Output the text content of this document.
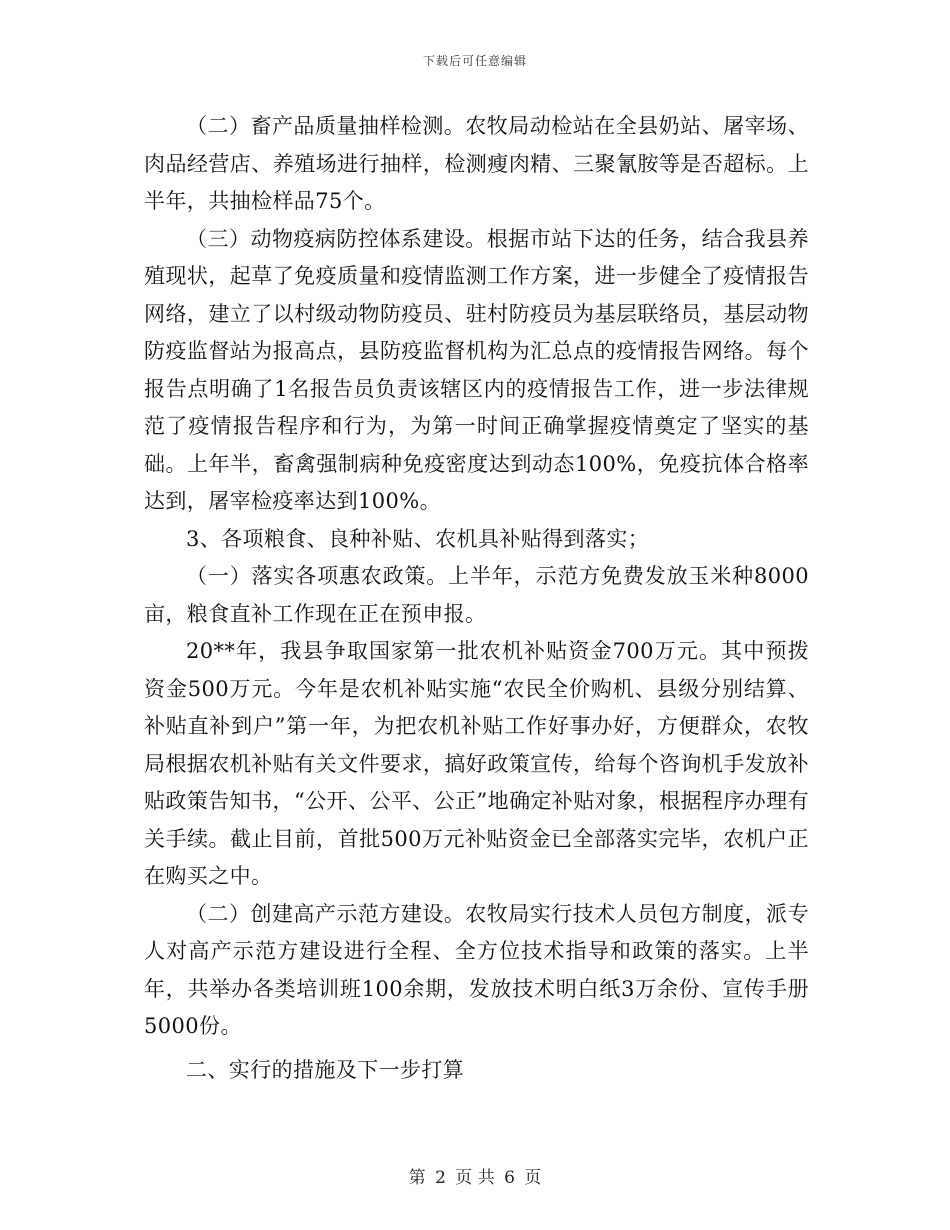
下载后可任意编辑

（二）畜产品质量抽样检测。农牧局动检站在全县奶站、屠宰场、肉品经营店、养殖场进行抽样，检测瘦肉精、三聚氰胺等是否超标。上半年，共抽检样品75个。

（三）动物疫病防控体系建设。根据市站下达的任务，结合我县养殖现状，起草了免疫质量和疫情监测工作方案，进一步健全了疫情报告网络，建立了以村级动物防疫员、驻村防疫员为基层联络员，基层动物防疫监督站为报高点，县防疫监督机构为汇总点的疫情报告网络。每个报告点明确了1名报告员负责该辖区内的疫情报告工作，进一步法律规范了疫情报告程序和行为，为第一时间正确掌握疫情奠定了坚实的基础。上年半，畜禽强制病种免疫密度达到动态100%，免疫抗体合格率达到，屠宰检疫率达到100%。

3、各项粮食、良种补贴、农机具补贴得到落实；

（一）落实各项惠农政策。上半年，示范方免费发放玉米种8000亩，粮食直补工作现在正在预申报。

20**年，我县争取国家第一批农机补贴资金700万元。其中预拨资金500万元。今年是农机补贴实施“农民全价购机、县级分别结算、补贴直补到户”第一年，为把农机补贴工作好事办好，方便群众，农牧局根据农机补贴有关文件要求，搞好政策宣传，给每个咨询机手发放补贴政策告知书，“公开、公平、公正”地确定补贴对象，根据程序办理有关手续。截止目前，首批500万元补贴资金已全部落实完毕，农机户正在购买之中。

（二）创建高产示范方建设。农牧局实行技术人员包方制度，派专人对高产示范方建设进行全程、全方位技术指导和政策的落实。上半年，共举办各类培训班100余期，发放技术明白纸3万余份、宣传手册5000份。

二、实行的措施及下一步打算

第 2 页 共 6 页
